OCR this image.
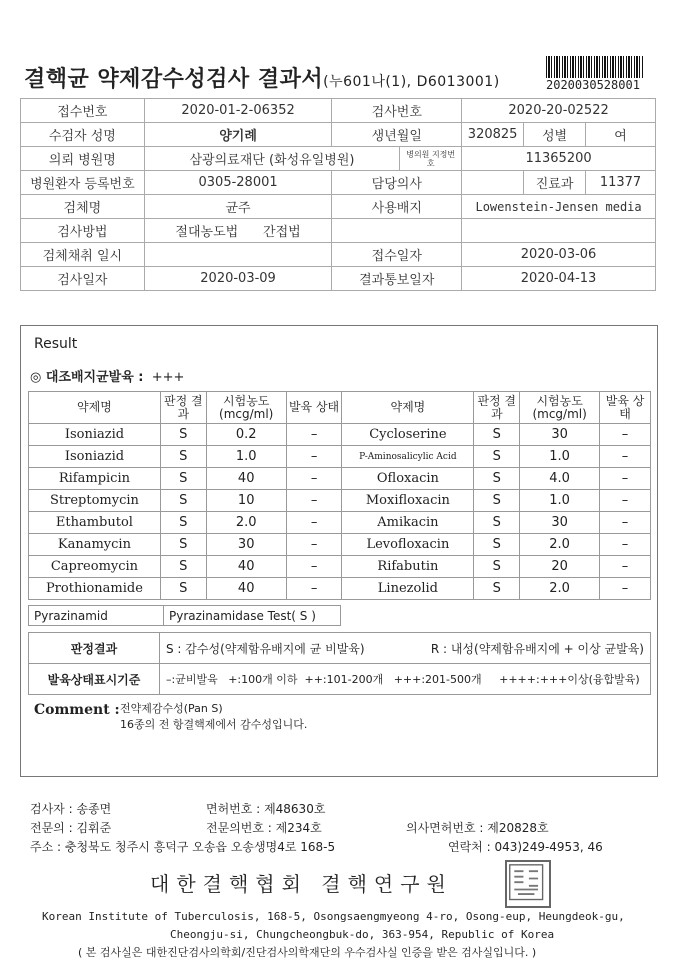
결핵균 약제감수성검사 결과서(누601나(1), D6013001)	2020030528001
접수번호	2020-01-2-06352	검사번호		2020-20-02522		
수검자 성명	양기례	생년월일		320825	성별	여
의뢰 병원명	삼광의료재단 (화성유일병원)		병의원 지정번호	11365200		
병원환자 등록번호	0305-28001	담당의사			진료과	11377
검체명	균주	사용배지		Lowenstein-Jensen media		
검사방법	절대농도법 간접법					
검체채취 일시		접수일자		2020-03-06		
검사일자	2020-03-09	결과통보일자		2020-04-13		
Result
◎ 대조배지균발육 : +++
약제명	판정 결과	시험농도 (mcg/ml)	발육 상태	약제명	판정 결과	시험농도 (mcg/ml)	발육 상태
Isoniazid	S	0.2	–	Cycloserine	S	30	–
Isoniazid	S	1.0	–	P-Aminosalicylic Acid	S	1.0	–
Rifampicin	S	40	–	Ofloxacin	S	4.0	–
Streptomycin	S	10	–	Moxifloxacin	S	1.0	–
Ethambutol	S	2.0	–	Amikacin	S	30	–
Kanamycin	S	30	–	Levofloxacin	S	2.0	–
Capreomycin	S	40	–	Rifabutin	S	20	–
Prothionamide	S	40	–	Linezolid	S	2.0	–
Pyrazinamid	Pyrazinamidase Test( S )
판정결과	S : 감수성(약제함유배지에 균 비발육) R : 내성(약제함유배지에 + 이상 균발육)

발육상태표시기준	–:균비발육   +:100개 이하  ++:101-200개   +++:201-500개     ++++:+++이상(융합발육)
Comment : 전약제감수성(Pan S)
16종의 전 항결핵제에서 감수성입니다.
검사자 : 송종면	면허번호 : 제48630호
전문의 : 김휘준	전문의번호 : 제234호	의사면허번호 : 제20828호
주소 : 충청북도 청주시 흥덕구 오송읍 오송생명4로 168-5	연락처 : 043)249-4953, 46
대한결핵협회 결핵연구원
Korean Institute of Tuberculosis, 168-5, Osongsaengmyeong 4-ro, Osong-eup, Heungdeok-gu,
Cheongju-si, Chungcheongbuk-do, 363-954, Republic of Korea
( 본 검사실은 대한진단검사의학회/진단검사의학재단의 우수검사실 인증을 받은 검사실입니다. )
